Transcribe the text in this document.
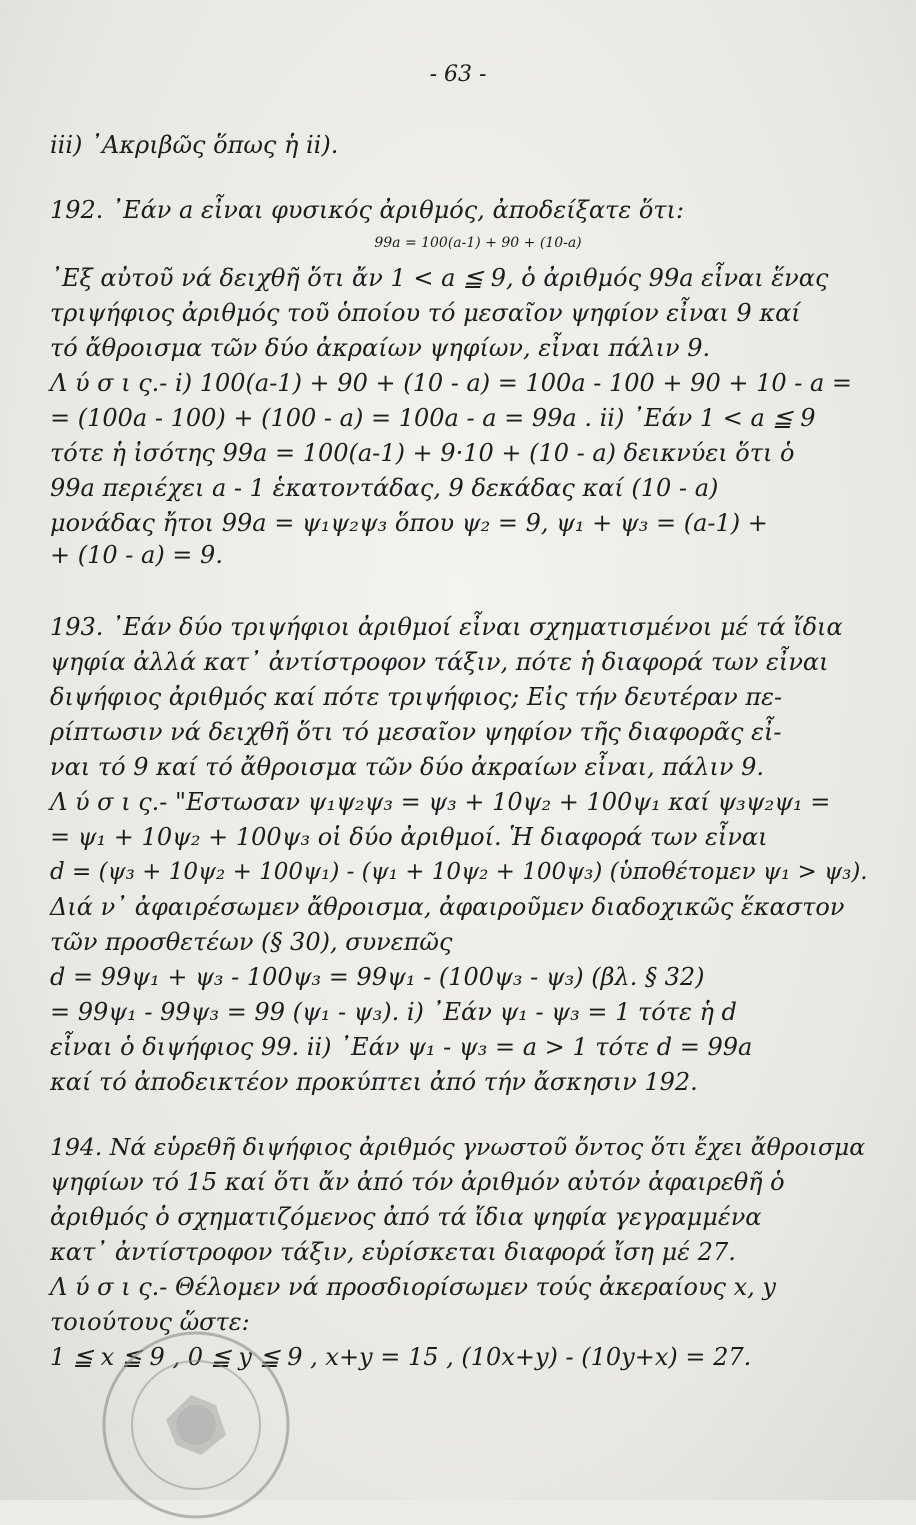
- 63 -
iii) ᾿Ακριβῶς ὅπως ἡ ii).
192. ᾿Εάν a εἶναι φυσικός ἀριθμός, ἀποδείξατε ὅτι:
99a = 100(a-1) + 90 + (10-a)
᾿Εξ αὐτοῦ νά δειχθῆ ὅτι ἄν 1 < a ≦ 9, ὁ ἀριθμός 99a εἶναι ἕνας
τριψήφιος ἀριθμός τοῦ ὁποίου τό μεσαῖον ψηφίον εἶναι 9 καί
τό ἄθροισμα τῶν δύο ἀκραίων ψηφίων, εἶναι πάλιν 9.
Λ ύ σ ι ς.- i) 100(a-1) + 90 + (10 - a) = 100a - 100 + 90 + 10 - a =
= (100a - 100) + (100 - a) = 100a - a = 99a . ii) ᾿Εάν 1 < a ≦ 9
τότε ἡ ἰσότης 99a = 100(a-1) + 9·10 + (10 - a) δεικνύει ὅτι ὁ
99a περιέχει a - 1 ἑκατοντάδας, 9 δεκάδας καί (10 - a)
μονάδας ἤτοι 99a = ψ₁ψ₂ψ₃ ὅπου ψ₂ = 9, ψ₁ + ψ₃ = (a-1) +
+ (10 - a) = 9.
193. ᾿Εάν δύο τριψήφιοι ἀριθμοί εἶναι σχηματισμένοι μέ τά ἴδια
ψηφία ἀλλά κατ᾿ ἀντίστροφον τάξιν, πότε ἡ διαφορά των εἶναι
διψήφιος ἀριθμός καί πότε τριψήφιος; Εἰς τήν δευτέραν πε-
ρίπτωσιν νά δειχθῆ ὅτι τό μεσαῖον ψηφίον τῆς διαφορᾶς εἶ-
ναι τό 9 καί τό ἄθροισμα τῶν δύο ἀκραίων εἶναι, πάλιν 9.
Λ ύ σ ι ς.- "Εστωσαν ψ₁ψ₂ψ₃ = ψ₃ + 10ψ₂ + 100ψ₁ καί ψ₃ψ₂ψ₁ =
= ψ₁ + 10ψ₂ + 100ψ₃ οἱ δύο ἀριθμοί. Ἡ διαφορά των εἶναι
d = (ψ₃ + 10ψ₂ + 100ψ₁) - (ψ₁ + 10ψ₂ + 100ψ₃) (ὑποθέτομεν ψ₁ > ψ₃).
Διά ν᾿ ἀφαιρέσωμεν ἄθροισμα, ἀφαιροῦμεν διαδοχικῶς ἕκαστον
τῶν προσθετέων (§ 30), συνεπῶς
d = 99ψ₁ + ψ₃ - 100ψ₃ = 99ψ₁ - (100ψ₃ - ψ₃) (βλ. § 32)
= 99ψ₁ - 99ψ₃ = 99 (ψ₁ - ψ₃). i) ᾿Εάν ψ₁ - ψ₃ = 1 τότε ἡ d
εἶναι ὁ διψήφιος 99. ii) ᾿Εάν ψ₁ - ψ₃ = a > 1 τότε d = 99a
καί τό ἀποδεικτέον προκύπτει ἀπό τήν ἄσκησιν 192.
194. Νά εὑρεθῆ διψήφιος ἀριθμός γνωστοῦ ὄντος ὅτι ἔχει ἄθροισμα
ψηφίων τό 15 καί ὅτι ἄν ἀπό τόν ἀριθμόν αὐτόν ἀφαιρεθῆ ὁ
ἀριθμός ὁ σχηματιζόμενος ἀπό τά ἴδια ψηφία γεγραμμένα
κατ᾿ ἀντίστροφον τάξιν, εὑρίσκεται διαφορά ἴση μέ 27.
Λ ύ σ ι ς.- Θέλομεν νά προσδιορίσωμεν τούς ἀκεραίους x, y
τοιούτους ὥστε:
1 ≦ x ≦ 9 , 0 ≦ y ≦ 9 , x+y = 15 , (10x+y) - (10y+x) = 27.
